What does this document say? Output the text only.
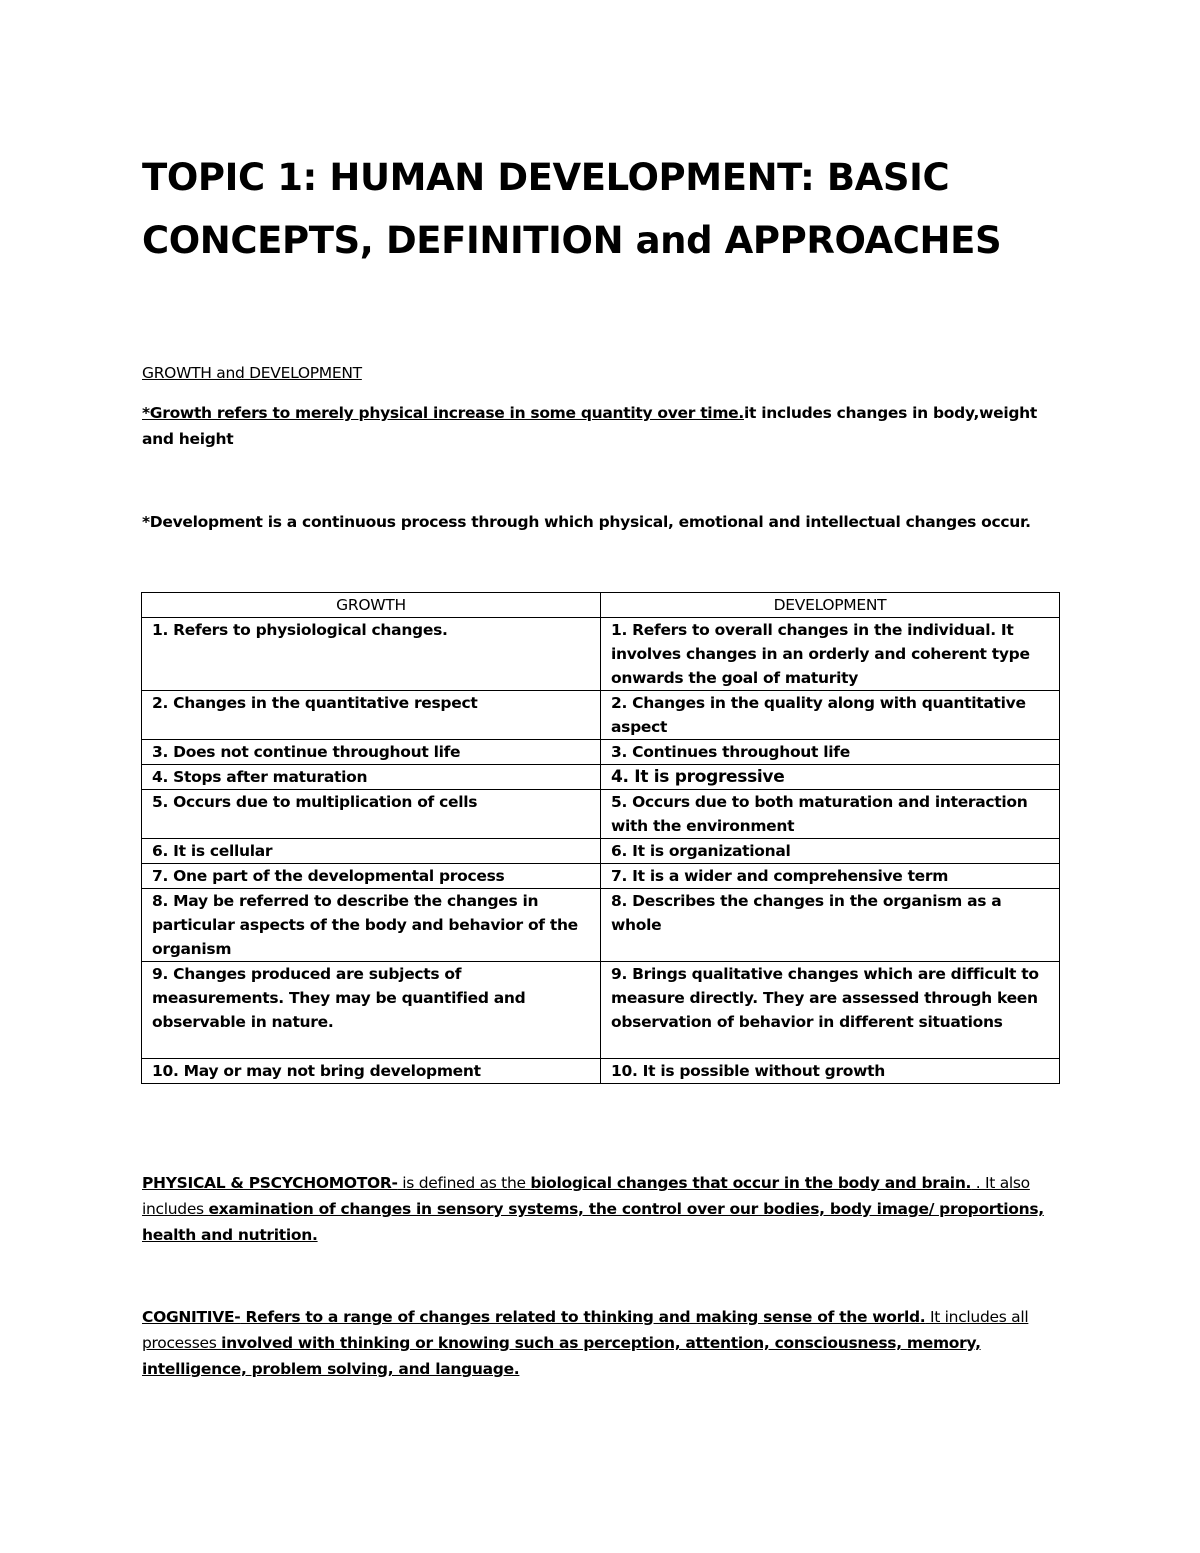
TOPIC 1: HUMAN DEVELOPMENT: BASIC
CONCEPTS, DEFINITION and APPROACHES

GROWTH and DEVELOPMENT

*Growth refers to merely physical increase in some quantity over time.it includes changes in body,weight and height

*Development is a continuous process through which physical, emotional and intellectual changes occur.

GROWTH	DEVELOPMENT
1. Refers to physiological changes.	1. Refers to overall changes in the individual. It involves changes in an orderly and coherent type onwards the goal of maturity
2. Changes in the quantitative respect	2. Changes in the quality along with quantitative aspect
3. Does not continue throughout life	3. Continues throughout life
4. Stops after maturation	4. It is progressive
5. Occurs due to multiplication of cells	5. Occurs due to both maturation and interaction with the environment
6. It is cellular	6. It is organizational
7. One part of the developmental process	7. It is a wider and comprehensive term
8. May be referred to describe the changes in particular aspects of the body and behavior of the organism	8. Describes the changes in the organism as a whole
9. Changes produced are subjects of measurements. They may be quantified and observable in nature.	9. Brings qualitative changes which are difficult to measure directly. They are assessed through keen observation of behavior in different situations
10. May or may not bring development	10. It is possible without growth

PHYSICAL & PSCYCHOMOTOR- is defined as the biological changes that occur in the body and brain. . It also includes examination of changes in sensory systems, the control over our bodies, body image/ proportions, health and nutrition.

COGNITIVE- Refers to a range of changes related to thinking and making sense of the world. It includes all processes involved with thinking or knowing such as perception, attention, consciousness, memory, intelligence, problem solving, and language.
